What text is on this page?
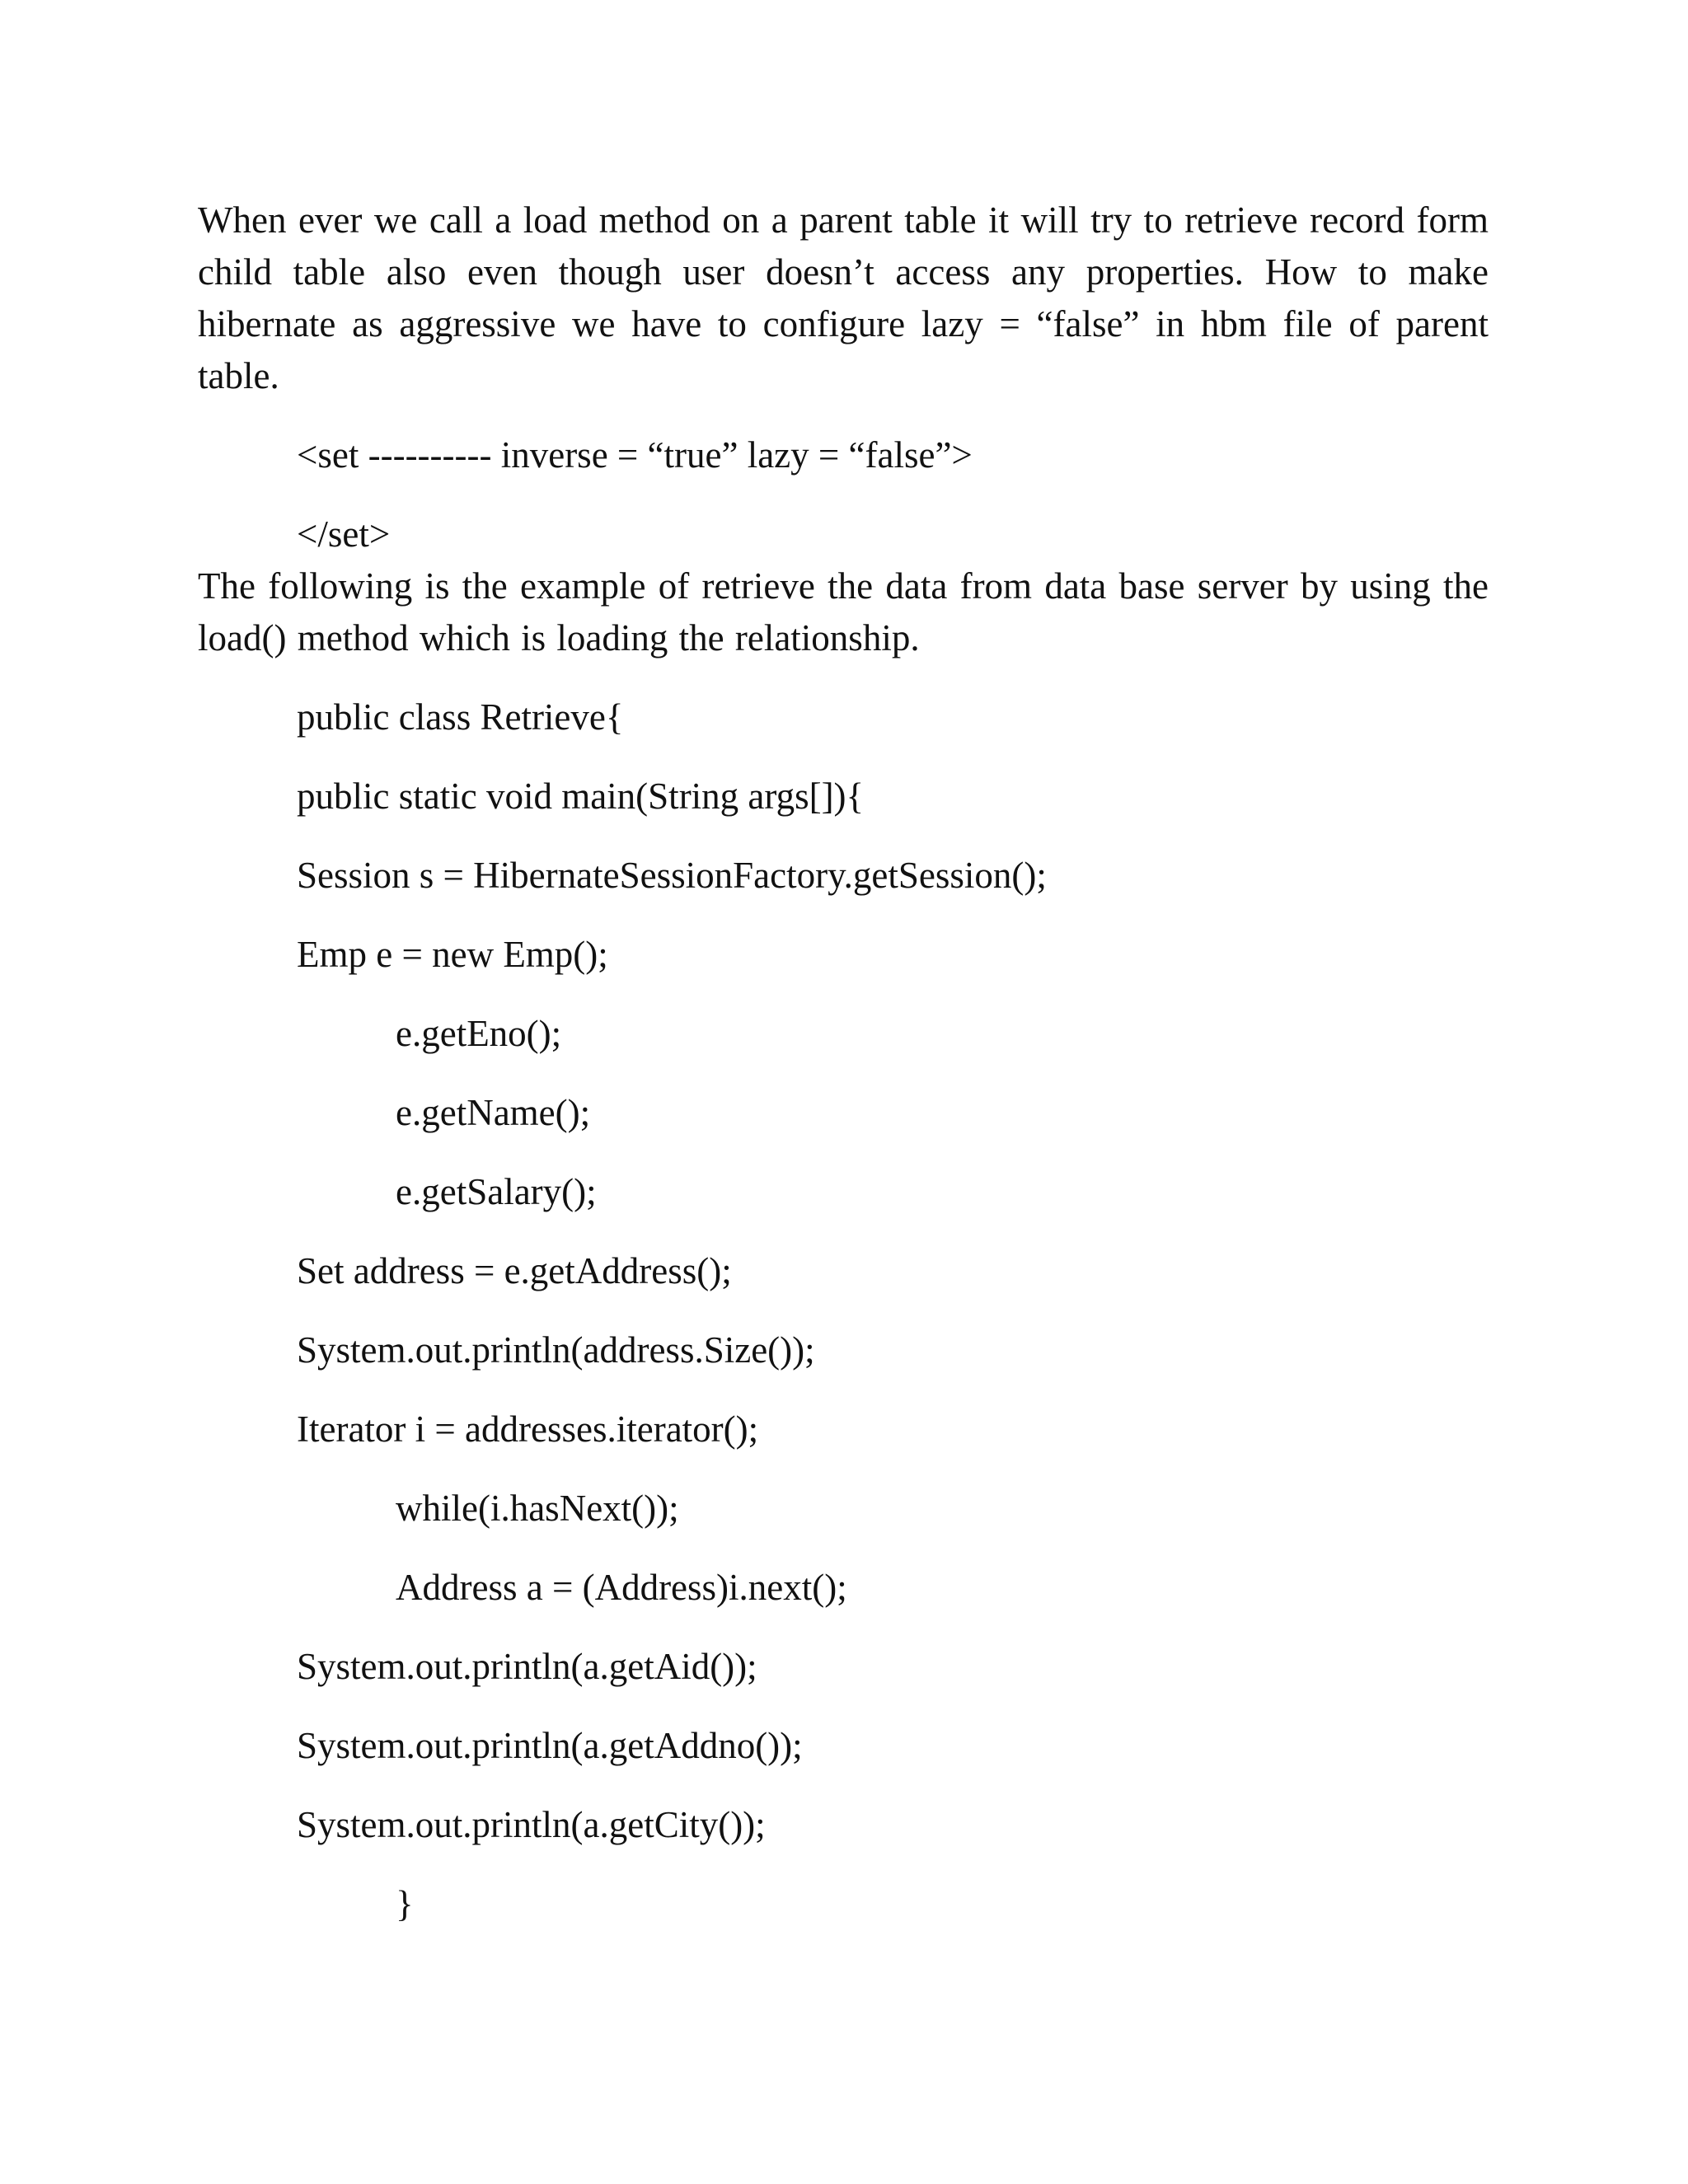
When ever we call a load method on a parent table it will try to retrieve record form child table also even though user doesn’t access any properties. How to make hibernate as aggressive we have to configure lazy = “false” in hbm file of parent table.

<set ---------- inverse = “true” lazy = “false”>
</set>

The following is the example of retrieve the data from data base server by using the load() method which is loading the relationship.

public class Retrieve{
public static void main(String args[]){
Session s = HibernateSessionFactory.getSession();
Emp e = new Emp();
e.getEno();
e.getName();
e.getSalary();
Set address = e.getAddress();
System.out.println(address.Size());
Iterator i = addresses.iterator();
while(i.hasNext());
Address a = (Address)i.next();
System.out.println(a.getAid());
System.out.println(a.getAddno());
System.out.println(a.getCity());
}
